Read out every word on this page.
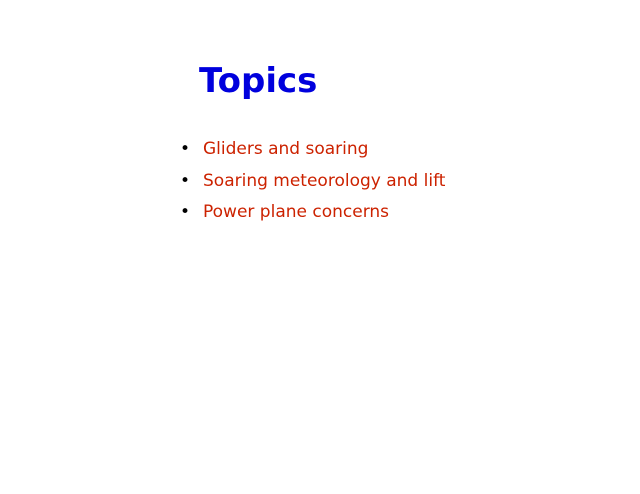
Topics
• Gliders and soaring
• Soaring meteorology and lift
• Power plane concerns
